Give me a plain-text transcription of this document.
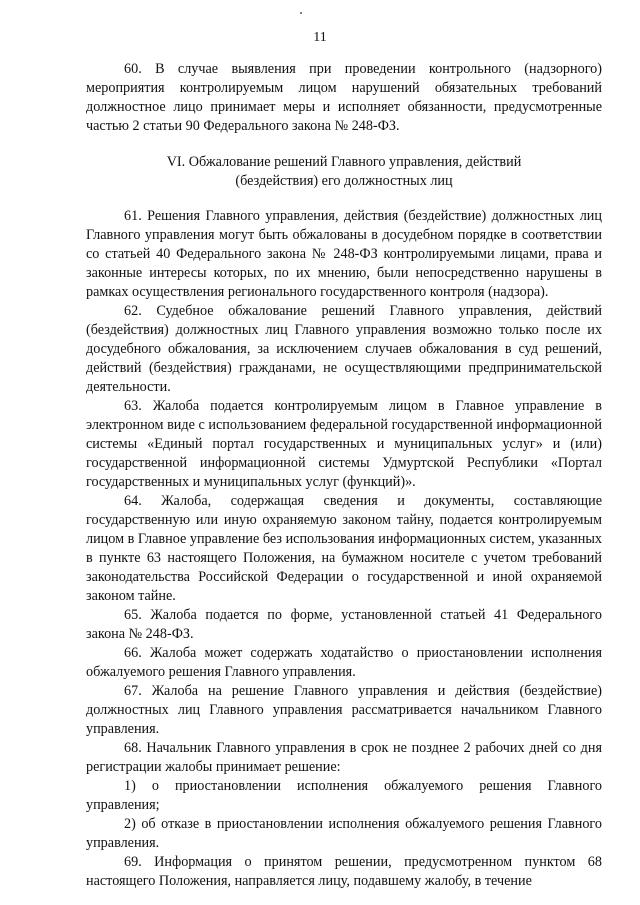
11

60. В случае выявления при проведении контрольного (надзорного) мероприятия контролируемым лицом нарушений обязательных требований должностное лицо принимает меры и исполняет обязанности, предусмотренные частью 2 статьи 90 Федерального закона № 248-ФЗ.

VI. Обжалование решений Главного управления, действий
(бездействия) его должностных лиц

61. Решения Главного управления, действия (бездействие) должностных лиц Главного управления могут быть обжалованы в досудебном порядке в соответствии со статьей 40 Федерального закона № 248-ФЗ контролируемыми лицами, права и законные интересы которых, по их мнению, были непосредственно нарушены в рамках осуществления регионального государственного контроля (надзора).

62. Судебное обжалование решений Главного управления, действий (бездействия) должностных лиц Главного управления возможно только после их досудебного обжалования, за исключением случаев обжалования в суд решений, действий (бездействия) гражданами, не осуществляющими предпринимательской деятельности.

63. Жалоба подается контролируемым лицом в Главное управление в электронном виде с использованием федеральной государственной информационной системы «Единый портал государственных и муниципальных услуг» и (или) государственной информационной системы Удмуртской Республики «Портал государственных и муниципальных услуг (функций)».

64. Жалоба, содержащая сведения и документы, составляющие государственную или иную охраняемую законом тайну, подается контролируемым лицом в Главное управление без использования информационных систем, указанных в пункте 63 настоящего Положения, на бумажном носителе с учетом требований законодательства Российской Федерации о государственной и иной охраняемой законом тайне.

65. Жалоба подается по форме, установленной статьей 41 Федерального закона № 248-ФЗ.

66. Жалоба может содержать ходатайство о приостановлении исполнения обжалуемого решения Главного управления.

67. Жалоба на решение Главного управления и действия (бездействие) должностных лиц Главного управления рассматривается начальником Главного управления.

68. Начальник Главного управления в срок не позднее 2 рабочих дней со дня регистрации жалобы принимает решение:

1) о приостановлении исполнения обжалуемого решения Главного управления;

2) об отказе в приостановлении исполнения обжалуемого решения Главного управления.

69. Информация о принятом решении, предусмотренном пунктом 68 настоящего Положения, направляется лицу, подавшему жалобу, в течение
